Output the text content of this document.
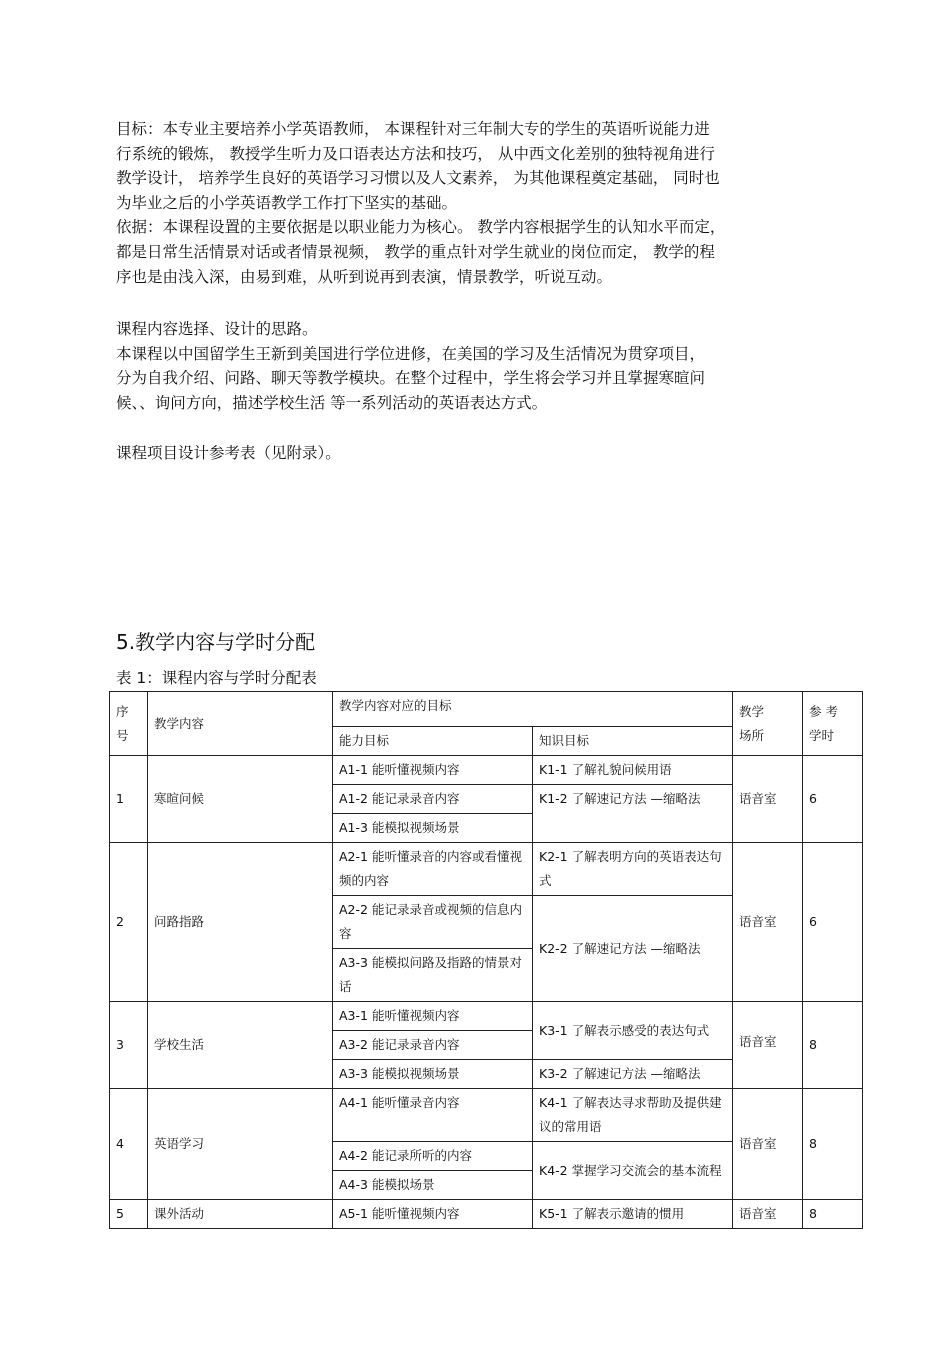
目标：本专业主要培养小学英语教师， 本课程针对三年制大专的学生的英语听说能力进
行系统的锻炼， 教授学生听力及口语表达方法和技巧， 从中西文化差别的独特视角进行
教学设计， 培养学生良好的英语学习习惯以及人文素养， 为其他课程奠定基础， 同时也
为毕业之后的小学英语教学工作打下坚实的基础。
依据：本课程设置的主要依据是以职业能力为核心。 教学内容根据学生的认知水平而定，
都是日常生活情景对话或者情景视频， 教学的重点针对学生就业的岗位而定， 教学的程
序也是由浅入深，由易到难，从听到说再到表演，情景教学，听说互动。
课程内容选择、设计的思路。
本课程以中国留学生王新到美国进行学位进修，在美国的学习及生活情况为贯穿项目，
分为自我介绍、问路、聊天等教学模块。在整个过程中，学生将会学习并且掌握寒暄问
候、、询问方向，描述学校生活 等一系列活动的英语表达方式。
课程项目设计参考表（见附录）。
5.教学内容与学时分配

表 1：课程内容与学时分配表

序
号	教学内容	教学内容对应的目标		教学
场所	参 考
学时

		能力目标	知识目标		
1	寒暄问候	A1-1 能听懂视频内容	K1-1 了解礼貌问候用语	语音室	6
		A1-2 能记录录音内容	K1-2 了解速记方法 —缩略法		
		A1-3 能模拟视频场景			
2	问路指路	A2-1 能听懂录音的内容或看懂视频的内容	K2-1 了解表明方向的英语表达句式	语音室	6
		A2-2 能记录录音或视频的信息内容	K2-2 了解速记方法 —缩略法		
		A3-3 能模拟问路及指路的情景对话			
3	学校生活	A3-1 能听懂视频内容	K3-1 了解表示感受的表达句式	语音室	8
		A3-2 能记录录音内容			
		A3-3 能模拟视频场景	K3-2 了解速记方法 —缩略法		
4	英语学习	A4-1 能听懂录音内容	K4-1 了解表达寻求帮助及提供建议的常用语	语音室	8
		A4-2 能记录所听的内容	K4-2 掌握学习交流会的基本流程		
		A4-3 能模拟场景			
5	课外活动	A5-1 能听懂视频内容	K5-1 了解表示邀请的惯用	语音室	8
